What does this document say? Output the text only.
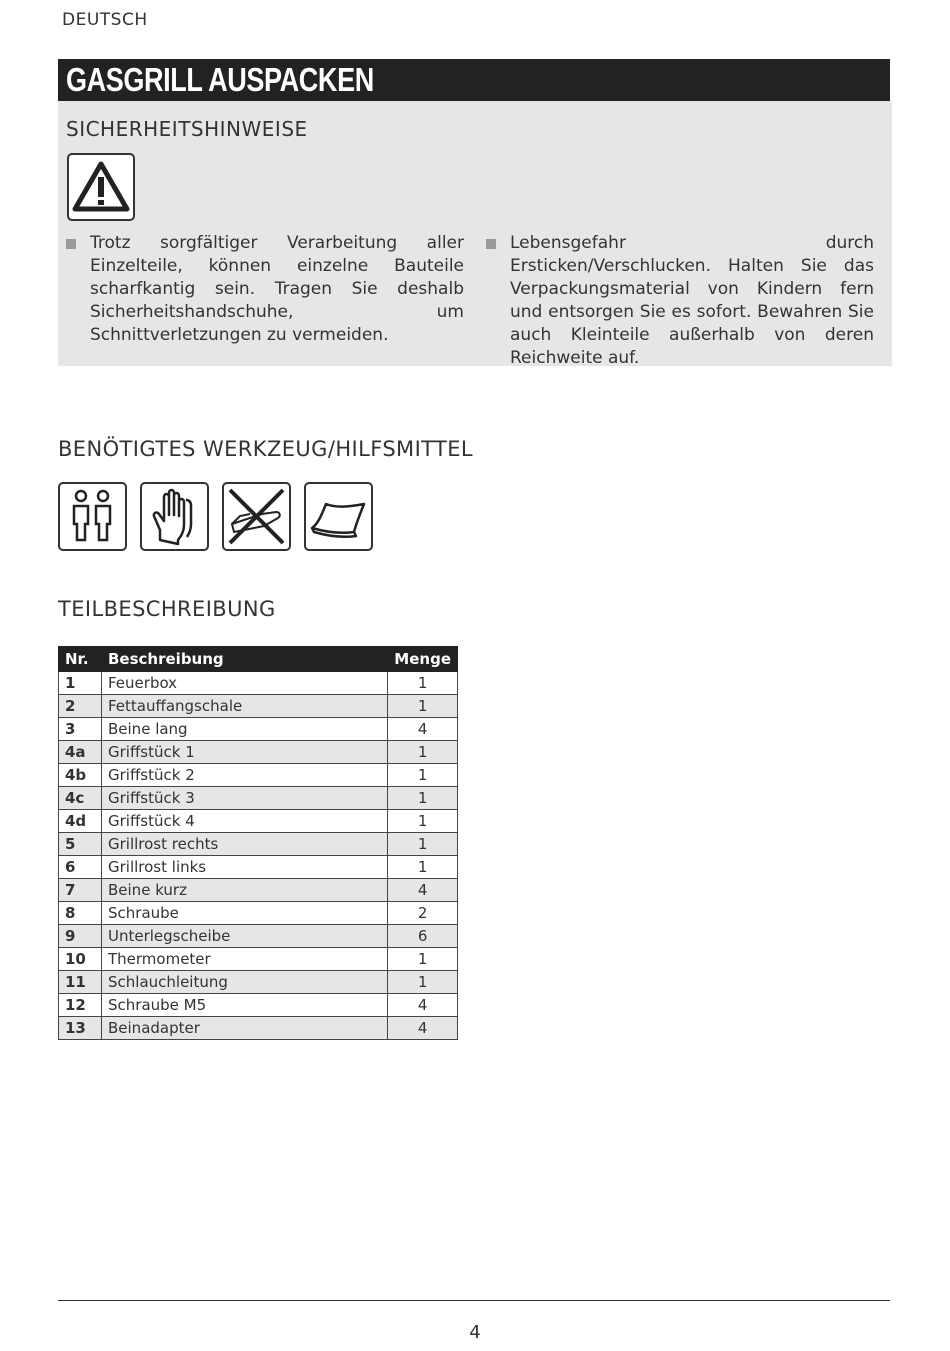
DEUTSCH
GASGRILL AUSPACKEN
SICHERHEITSHINWEISE
Trotz sorgfältiger Verarbeitung aller Einzelteile, können einzelne Bauteile scharfkantig sein. Tragen Sie deshalb Sicherheitshandschuhe, um Schnittverletzungen zu vermeiden.
Lebensgefahr durch Ersticken/Verschlucken. Halten Sie das Verpackungsmaterial von Kindern fern und entsorgen Sie es sofort. Bewahren Sie auch Kleinteile außerhalb von deren Reichweite auf.
BENÖTIGTES WERKZEUG/HILFSMITTEL
TEILBESCHREIBUNG
Nr.	Beschreibung	Menge
1	Feuerbox	1
2	Fettauffangschale	1
3	Beine lang	4
4a	Griffstück 1	1
4b	Griffstück 2	1
4c	Griffstück 3	1
4d	Griffstück 4	1
5	Grillrost rechts	1
6	Grillrost links	1
7	Beine kurz	4
8	Schraube	2
9	Unterlegscheibe	6
10	Thermometer	1
11	Schlauchleitung	1
12	Schraube M5	4
13	Beinadapter	4
4
